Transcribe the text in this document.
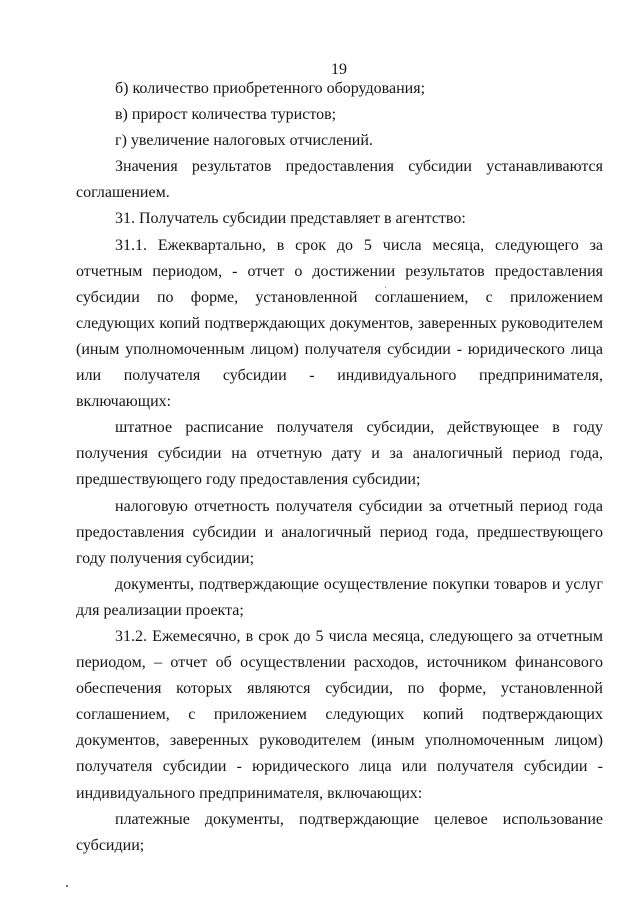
19

б) количество приобретенного оборудования;

в) прирост количества туристов;

г) увеличение налоговых отчислений.

Значения результатов предоставления субсидии устанавливаются соглашением.

31. Получатель субсидии представляет в агентство:

31.1. Ежеквартально, в срок до 5 числа месяца, следующего за отчетным периодом, - отчет о достижении результатов предоставления субсидии по форме, установленной соглашением, с приложением следующих копий подтверждающих документов, заверенных руководителем (иным уполномоченным лицом) получателя субсидии - юридического лица или получателя субсидии - индивидуального предпринимателя, включающих:

штатное расписание получателя субсидии, действующее в году получения субсидии на отчетную дату и за аналогичный период года, предшествующего году предоставления субсидии;

налоговую отчетность получателя субсидии за отчетный период года предоставления субсидии и аналогичный период года, предшествующего году получения субсидии;

документы, подтверждающие осуществление покупки товаров и услуг для реализации проекта;

31.2. Ежемесячно, в срок до 5 числа месяца, следующего за отчетным периодом, – отчет об осуществлении расходов, источником финансового обеспечения которых являются субсидии, по форме, установленной соглашением, с приложением следующих копий подтверждающих документов, заверенных руководителем (иным уполномоченным лицом) получателя субсидии - юридического лица или получателя субсидии - индивидуального предпринимателя, включающих:

платежные документы, подтверждающие целевое использование субсидии;
